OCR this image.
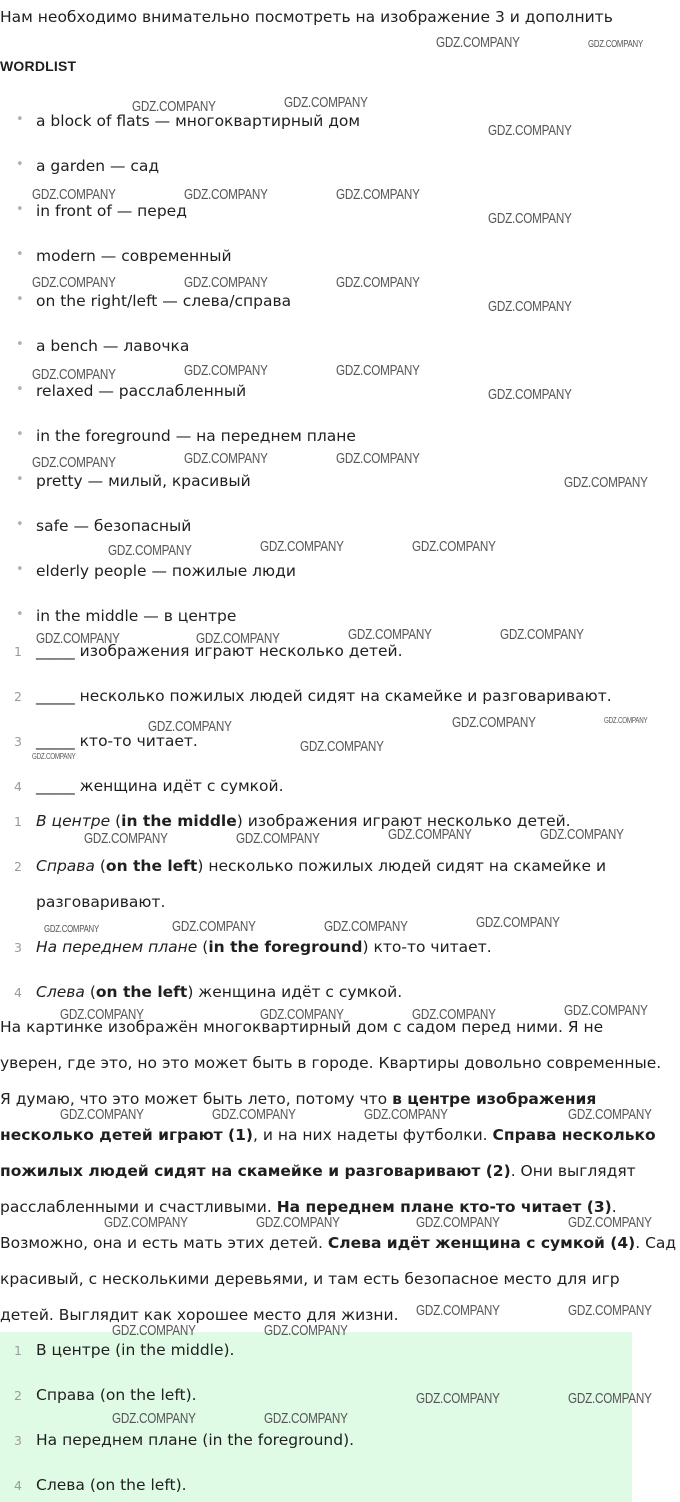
Нам необходимо внимательно посмотреть на изображение 3 и дополнить
WORDLIST
• a block of flats — многоквартирный дом
• a garden — сад
• in front of — перед
• modern — современный
• on the right/left — слева/справа
• a bench — лавочка
• relaxed — расслабленный
• in the foreground — на переднем плане
• pretty — милый, красивый
• safe — безопасный
• elderly people — пожилые люди
• in the middle — в центре
1 _____ изображения играют несколько детей.
2 _____ несколько пожилых людей сидят на скамейке и разговаривают.
3 _____ кто-то читает.
4 _____ женщина идёт с сумкой.
1 В центре (in the middle) изображения играют несколько детей.
2 Справа (on the left) несколько пожилых людей сидят на скамейке и
разговаривают.
3 На переднем плане (in the foreground) кто-то читает.
4 Слева (on the left) женщина идёт с сумкой.
На картинке изображён многоквартирный дом с садом перед ними. Я не
уверен, где это, но это может быть в городе. Квартиры довольно современные.
Я думаю, что это может быть лето, потому что в центре изображения
несколько детей играют (1), и на них надеты футболки. Справа несколько
пожилых людей сидят на скамейке и разговаривают (2). Они выглядят
расслабленными и счастливыми. На переднем плане кто-то читает (3).
Возможно, она и есть мать этих детей. Слева идёт женщина с сумкой (4). Сад
красивый, с несколькими деревьями, и там есть безопасное место для игр
детей. Выглядит как хорошее место для жизни.
1 В центре (in the middle).
2 Справа (on the left).
3 На переднем плане (in the foreground).
4 Слева (on the left).
GDZ.COMPANY	GDZ.COMPANY
GDZ.COMPANY	GDZ.COMPANY
GDZ.COMPANY
GDZ.COMPANY	GDZ.COMPANY	GDZ.COMPANY
GDZ.COMPANY
GDZ.COMPANY	GDZ.COMPANY	GDZ.COMPANY
GDZ.COMPANY
GDZ.COMPANY	GDZ.COMPANY	GDZ.COMPANY
GDZ.COMPANY
GDZ.COMPANY	GDZ.COMPANY	GDZ.COMPANY
GDZ.COMPANY
GDZ.COMPANY	GDZ.COMPANY	GDZ.COMPANY
GDZ.COMPANY	GDZ.COMPANY	GDZ.COMPANY	GDZ.COMPANY
GDZ.COMPANY	GDZ.COMPANY	GDZ.COMPANY
GDZ.COMPANY
GDZ.COMPANY
GDZ.COMPANY	GDZ.COMPANY	GDZ.COMPANY	GDZ.COMPANY
GDZ.COMPANY	GDZ.COMPANY	GDZ.COMPANY	GDZ.COMPANY
GDZ.COMPANY	GDZ.COMPANY	GDZ.COMPANY	GDZ.COMPANY
GDZ.COMPANY	GDZ.COMPANY	GDZ.COMPANY	GDZ.COMPANY
GDZ.COMPANY	GDZ.COMPANY	GDZ.COMPANY	GDZ.COMPANY
GDZ.COMPANY	GDZ.COMPANY
GDZ.COMPANY	GDZ.COMPANY
GDZ.COMPANY	GDZ.COMPANY
GDZ.COMPANY	GDZ.COMPANY
